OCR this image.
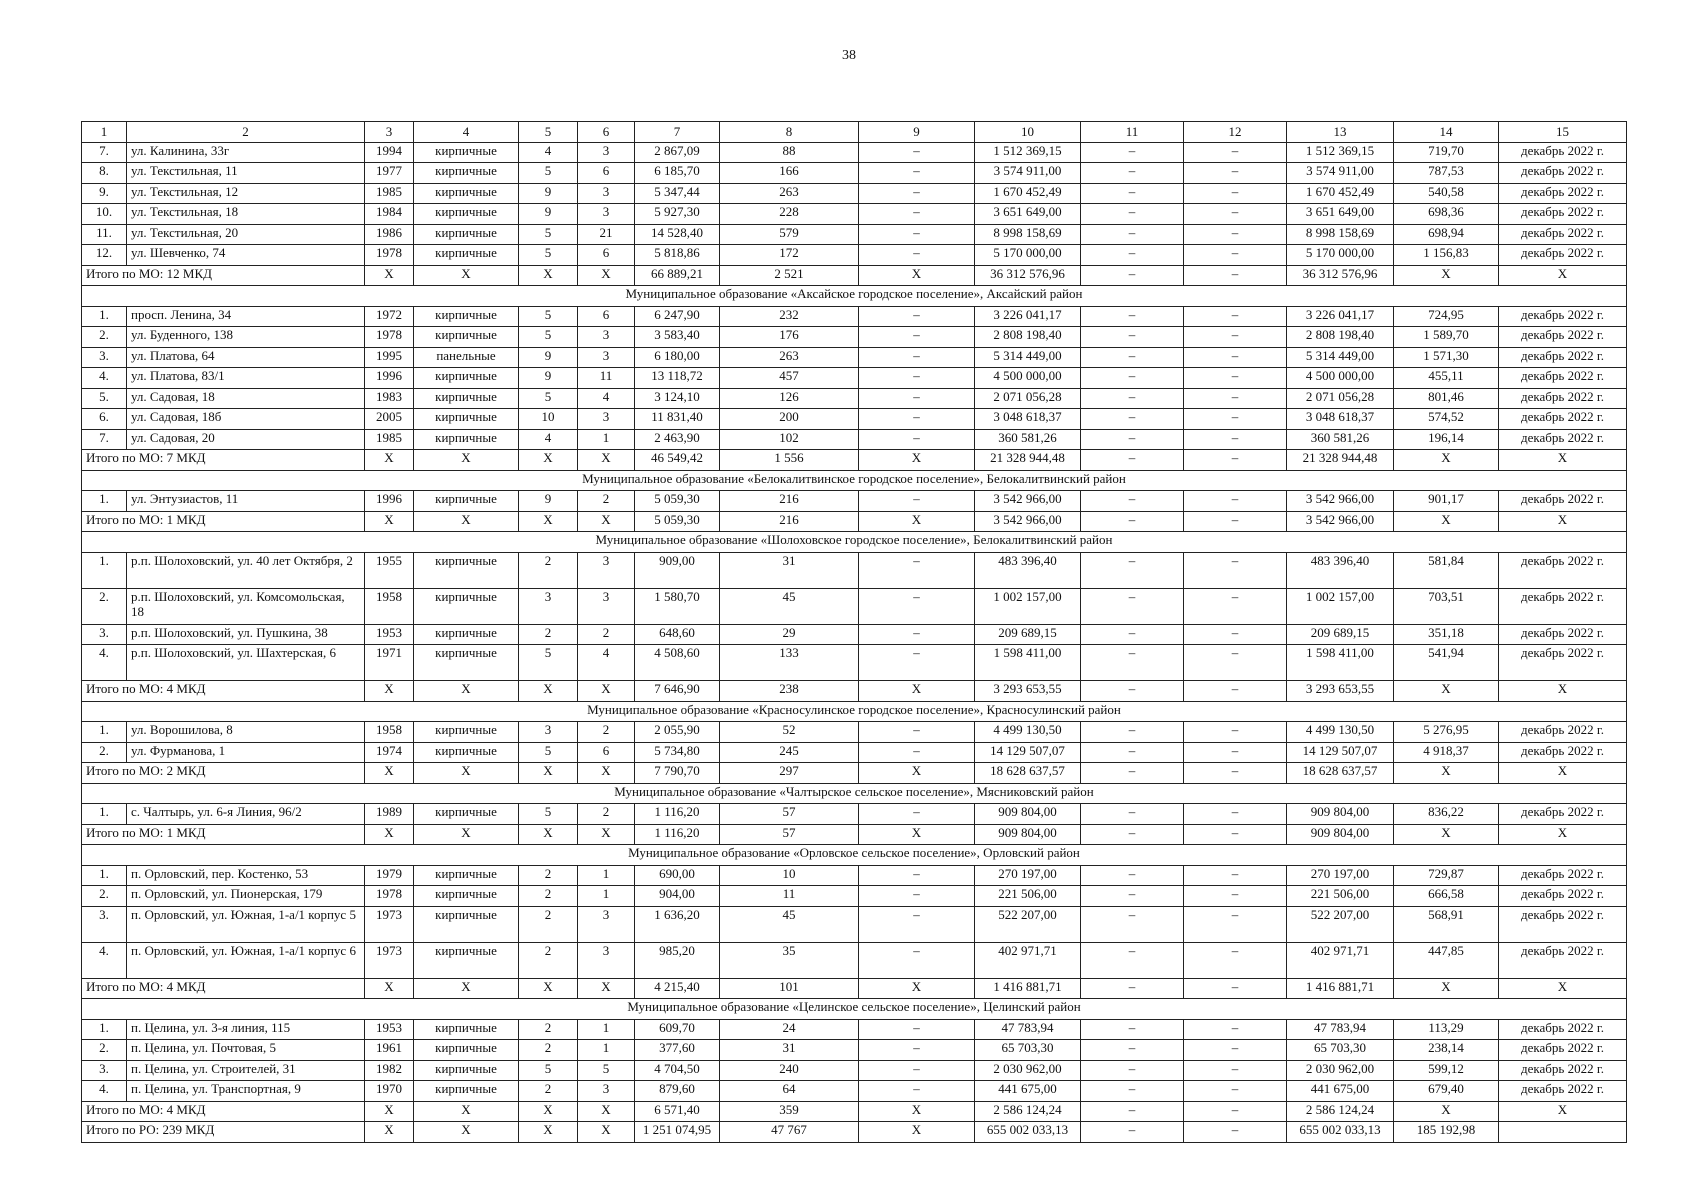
38
1	2	3	4	5	6	7	8	9	10	11	12	13	14	15
7.	ул. Калинина, 33г	1994	кирпичные	4	3	2 867,09	88	–	1 512 369,15	–	–	1 512 369,15	719,70	декабрь 2022 г.
8.	ул. Текстильная, 11	1977	кирпичные	5	6	6 185,70	166	–	3 574 911,00	–	–	3 574 911,00	787,53	декабрь 2022 г.
9.	ул. Текстильная, 12	1985	кирпичные	9	3	5 347,44	263	–	1 670 452,49	–	–	1 670 452,49	540,58	декабрь 2022 г.
10.	ул. Текстильная, 18	1984	кирпичные	9	3	5 927,30	228	–	3 651 649,00	–	–	3 651 649,00	698,36	декабрь 2022 г.
11.	ул. Текстильная, 20	1986	кирпичные	5	21	14 528,40	579	–	8 998 158,69	–	–	8 998 158,69	698,94	декабрь 2022 г.
12.	ул. Шевченко, 74	1978	кирпичные	5	6	5 818,86	172	–	5 170 000,00	–	–	5 170 000,00	1 156,83	декабрь 2022 г.
Итого по МО: 12 МКД		X	X	X	X	66 889,21	2 521	X	36 312 576,96	–	–	36 312 576,96	X	X
Муниципальное образование «Аксайское городское поселение», Аксайский район														
1.	просп. Ленина, 34	1972	кирпичные	5	6	6 247,90	232	–	3 226 041,17	–	–	3 226 041,17	724,95	декабрь 2022 г.
2.	ул. Буденного, 138	1978	кирпичные	5	3	3 583,40	176	–	2 808 198,40	–	–	2 808 198,40	1 589,70	декабрь 2022 г.
3.	ул. Платова, 64	1995	панельные	9	3	6 180,00	263	–	5 314 449,00	–	–	5 314 449,00	1 571,30	декабрь 2022 г.
4.	ул. Платова, 83/1	1996	кирпичные	9	11	13 118,72	457	–	4 500 000,00	–	–	4 500 000,00	455,11	декабрь 2022 г.
5.	ул. Садовая, 18	1983	кирпичные	5	4	3 124,10	126	–	2 071 056,28	–	–	2 071 056,28	801,46	декабрь 2022 г.
6.	ул. Садовая, 18б	2005	кирпичные	10	3	11 831,40	200	–	3 048 618,37	–	–	3 048 618,37	574,52	декабрь 2022 г.
7.	ул. Садовая, 20	1985	кирпичные	4	1	2 463,90	102	–	360 581,26	–	–	360 581,26	196,14	декабрь 2022 г.
Итого по МО: 7 МКД		X	X	X	X	46 549,42	1 556	X	21 328 944,48	–	–	21 328 944,48	X	X
Муниципальное образование «Белокалитвинское городское поселение», Белокалитвинский район														
1.	ул. Энтузиастов, 11	1996	кирпичные	9	2	5 059,30	216	–	3 542 966,00	–	–	3 542 966,00	901,17	декабрь 2022 г.
Итого по МО: 1 МКД		X	X	X	X	5 059,30	216	X	3 542 966,00	–	–	3 542 966,00	X	X
Муниципальное образование «Шолоховское городское поселение», Белокалитвинский район														
1.	р.п. Шолоховский, ул. 40 лет Октября, 2	1955	кирпичные	2	3	909,00	31	–	483 396,40	–	–	483 396,40	581,84	декабрь 2022 г.
2.	р.п. Шолоховский, ул. Комсомольская, 18	1958	кирпичные	3	3	1 580,70	45	–	1 002 157,00	–	–	1 002 157,00	703,51	декабрь 2022 г.
3.	р.п. Шолоховский, ул. Пушкина, 38	1953	кирпичные	2	2	648,60	29	–	209 689,15	–	–	209 689,15	351,18	декабрь 2022 г.
4.	р.п. Шолоховский, ул. Шахтерская, 6	1971	кирпичные	5	4	4 508,60	133	–	1 598 411,00	–	–	1 598 411,00	541,94	декабрь 2022 г.
Итого по МО: 4 МКД		X	X	X	X	7 646,90	238	X	3 293 653,55	–	–	3 293 653,55	X	X
Муниципальное образование «Красносулинское городское поселение», Красносулинский район														
1.	ул. Ворошилова, 8	1958	кирпичные	3	2	2 055,90	52	–	4 499 130,50	–	–	4 499 130,50	5 276,95	декабрь 2022 г.
2.	ул. Фурманова, 1	1974	кирпичные	5	6	5 734,80	245	–	14 129 507,07	–	–	14 129 507,07	4 918,37	декабрь 2022 г.
Итого по МО: 2 МКД		X	X	X	X	7 790,70	297	X	18 628 637,57	–	–	18 628 637,57	X	X
Муниципальное образование «Чалтырское сельское поселение», Мясниковский район														
1.	с. Чалтырь, ул. 6-я Линия, 96/2	1989	кирпичные	5	2	1 116,20	57	–	909 804,00	–	–	909 804,00	836,22	декабрь 2022 г.
Итого по МО: 1 МКД		X	X	X	X	1 116,20	57	X	909 804,00	–	–	909 804,00	X	X
Муниципальное образование «Орловское сельское поселение», Орловский район														
1.	п. Орловский, пер. Костенко, 53	1979	кирпичные	2	1	690,00	10	–	270 197,00	–	–	270 197,00	729,87	декабрь 2022 г.
2.	п. Орловский, ул. Пионерская, 179	1978	кирпичные	2	1	904,00	11	–	221 506,00	–	–	221 506,00	666,58	декабрь 2022 г.
3.	п. Орловский, ул. Южная, 1-а/1 корпус 5	1973	кирпичные	2	3	1 636,20	45	–	522 207,00	–	–	522 207,00	568,91	декабрь 2022 г.
4.	п. Орловский, ул. Южная, 1-а/1 корпус 6	1973	кирпичные	2	3	985,20	35	–	402 971,71	–	–	402 971,71	447,85	декабрь 2022 г.
Итого по МО: 4 МКД		X	X	X	X	4 215,40	101	X	1 416 881,71	–	–	1 416 881,71	X	X
Муниципальное образование «Целинское сельское поселение», Целинский район														
1.	п. Целина, ул. 3-я линия, 115	1953	кирпичные	2	1	609,70	24	–	47 783,94	–	–	47 783,94	113,29	декабрь 2022 г.
2.	п. Целина, ул. Почтовая, 5	1961	кирпичные	2	1	377,60	31	–	65 703,30	–	–	65 703,30	238,14	декабрь 2022 г.
3.	п. Целина, ул. Строителей, 31	1982	кирпичные	5	5	4 704,50	240	–	2 030 962,00	–	–	2 030 962,00	599,12	декабрь 2022 г.
4.	п. Целина, ул. Транспортная, 9	1970	кирпичные	2	3	879,60	64	–	441 675,00	–	–	441 675,00	679,40	декабрь 2022 г.
Итого по МО: 4 МКД		X	X	X	X	6 571,40	359	X	2 586 124,24	–	–	2 586 124,24	X	X
Итого по РО: 239 МКД		X	X	X	X	1 251 074,95	47 767	X	655 002 033,13	–	–	655 002 033,13	185 192,98	
